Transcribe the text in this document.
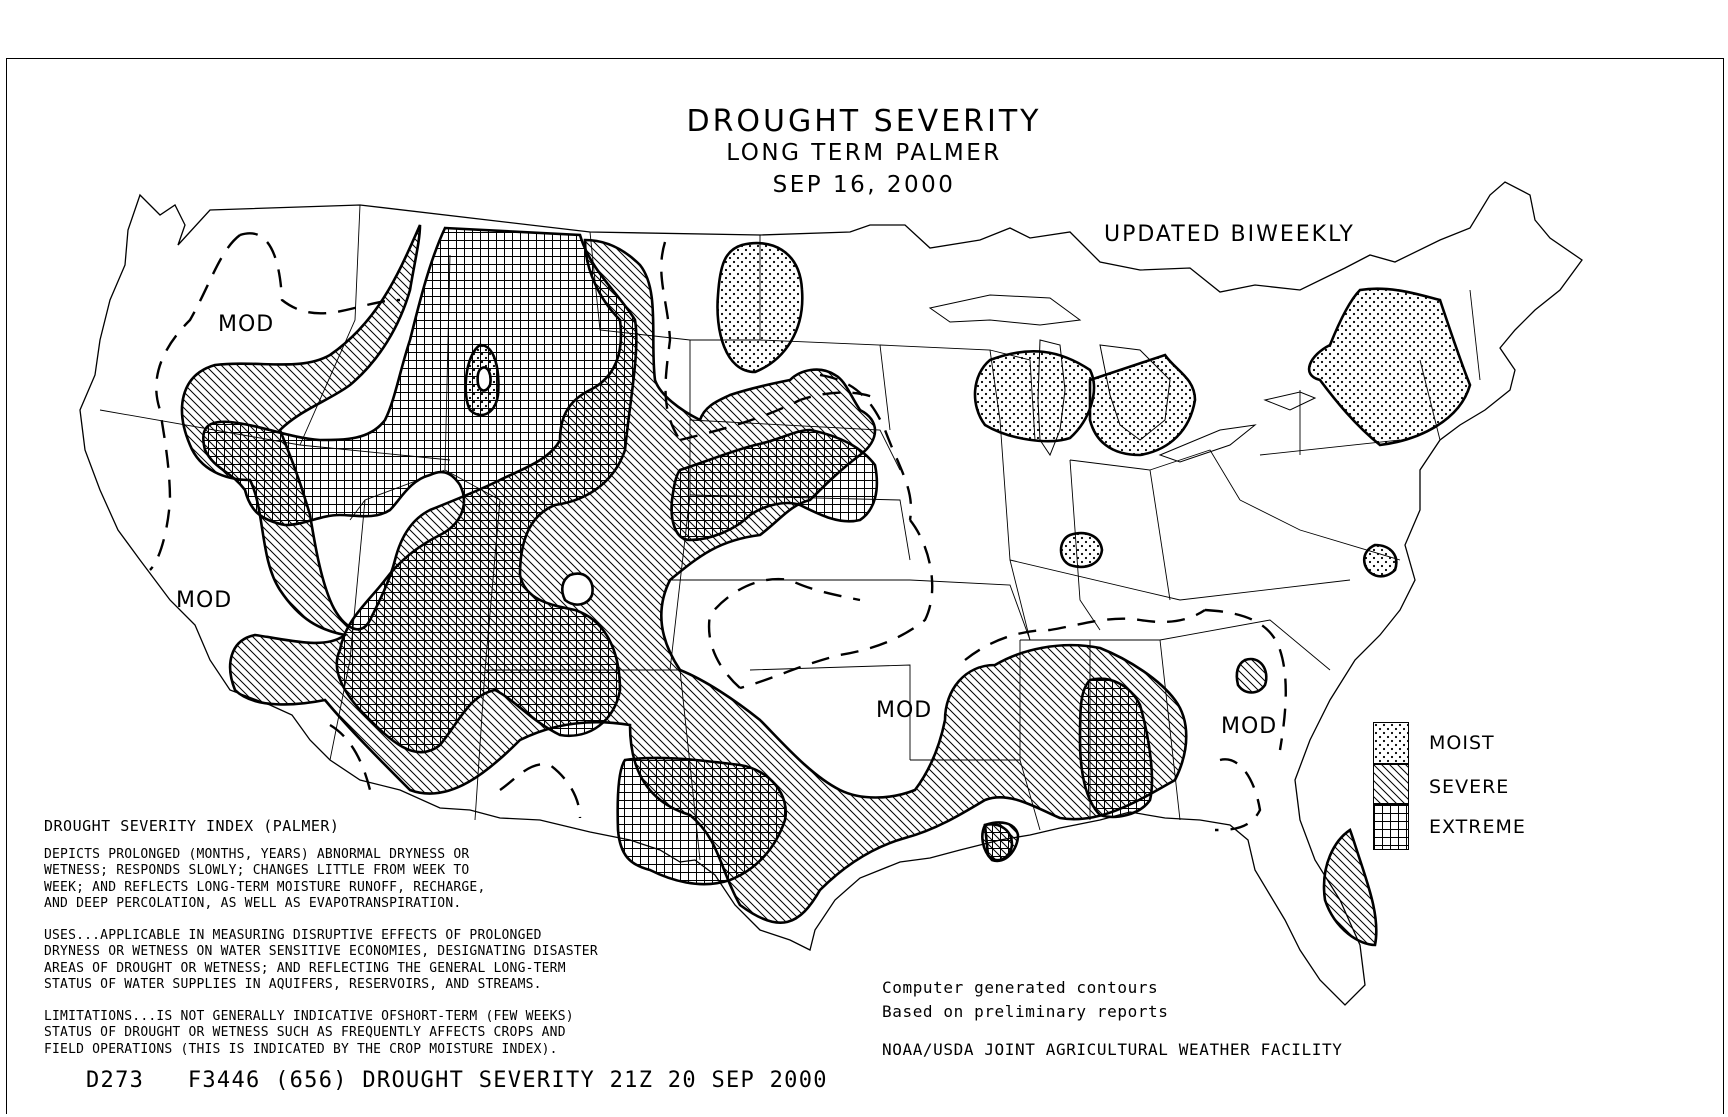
DROUGHT SEVERITY
LONG TERM PALMER
SEP 16, 2000
UPDATED BIWEEKLY
MOD
MOD
MOD
MOD
MOIST
SEVERE
EXTREME
DROUGHT SEVERITY INDEX (PALMER)

DEPICTS PROLONGED (MONTHS, YEARS) ABNORMAL DRYNESS OR
WETNESS; RESPONDS SLOWLY; CHANGES LITTLE FROM WEEK TO
WEEK; AND REFLECTS LONG-TERM MOISTURE RUNOFF, RECHARGE,
AND DEEP PERCOLATION, AS WELL AS EVAPOTRANSPIRATION.

USES...APPLICABLE IN MEASURING DISRUPTIVE EFFECTS OF PROLONGED
DRYNESS OR WETNESS ON WATER SENSITIVE ECONOMIES, DESIGNATING DISASTER
AREAS OF DROUGHT OR WETNESS; AND REFLECTING THE GENERAL LONG-TERM
STATUS OF WATER SUPPLIES IN AQUIFERS, RESERVOIRS, AND STREAMS.

LIMITATIONS...IS NOT GENERALLY INDICATIVE OFSHORT-TERM (FEW WEEKS)
STATUS OF DROUGHT OR WETNESS SUCH AS FREQUENTLY AFFECTS CROPS AND
FIELD OPERATIONS (THIS IS INDICATED BY THE CROP MOISTURE INDEX).

Computer generated contours
Based on preliminary reports
NOAA/USDA JOINT AGRICULTURAL WEATHER FACILITY
D273   F3446 (656) DROUGHT SEVERITY 21Z 20 SEP 2000
